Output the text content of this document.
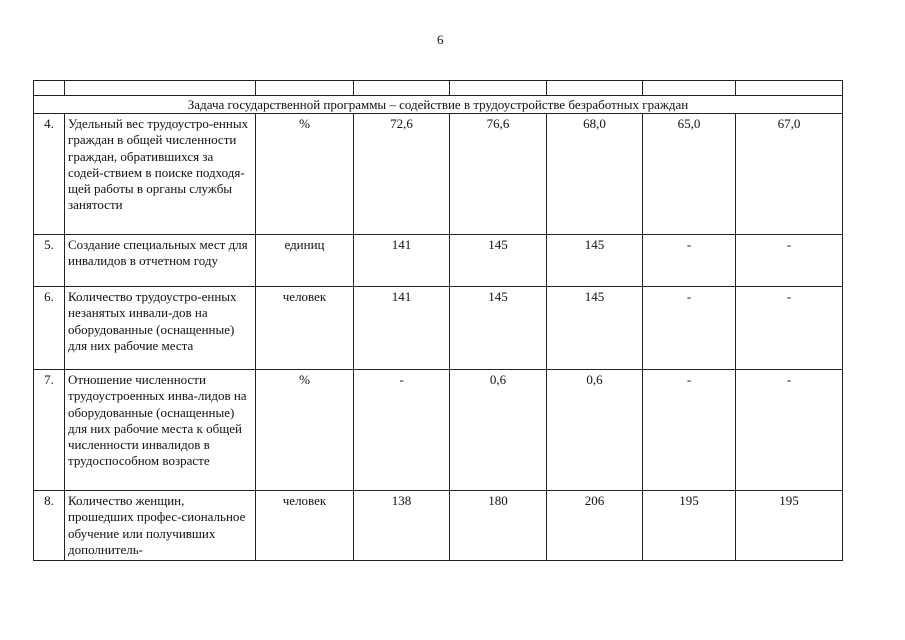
6

Задача государственной программы – содействие в трудоустройстве безработных граждан							
4.	Удельный вес трудоустро-енных граждан в общей численности граждан, обратившихся за содей-ствием в поиске подходя-щей работы в органы службы занятости	%	72,6	76,6	68,0	65,0	67,0
5.	Создание специальных мест для инвалидов в отчетном году	единиц	141	145	145	-	-
6.	Количество трудоустро-енных незанятых инвали-дов на оборудованные (оснащенные) для них рабочие места	человек	141	145	145	-	-
7.	Отношение численности трудоустроенных инва-лидов на оборудованные (оснащенные) для них рабочие места к общей численности инвалидов в трудоспособном возрасте	%	-	0,6	0,6	-	-
8.	Количество женщин, прошедших профес-сиональное обучение или получивших дополнитель-	человек	138	180	206	195	195
